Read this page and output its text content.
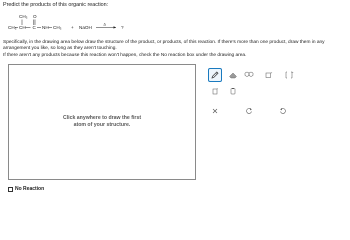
Predict the products of this organic reaction:
CH₃ O
CH₃ CH C NH CH₃ + NaOH
Δ
?
Specifically, in the drawing area below draw the structure of the product, or products, of this reaction. If there's more than one product, draw them in any arrangement you like, so long as they aren't touching.
If there aren't any products because this reaction won't happen, check the No reaction box under the drawing area.
Click anywhere to draw the first
atom of your structure.
+	+
+
No Reaction
